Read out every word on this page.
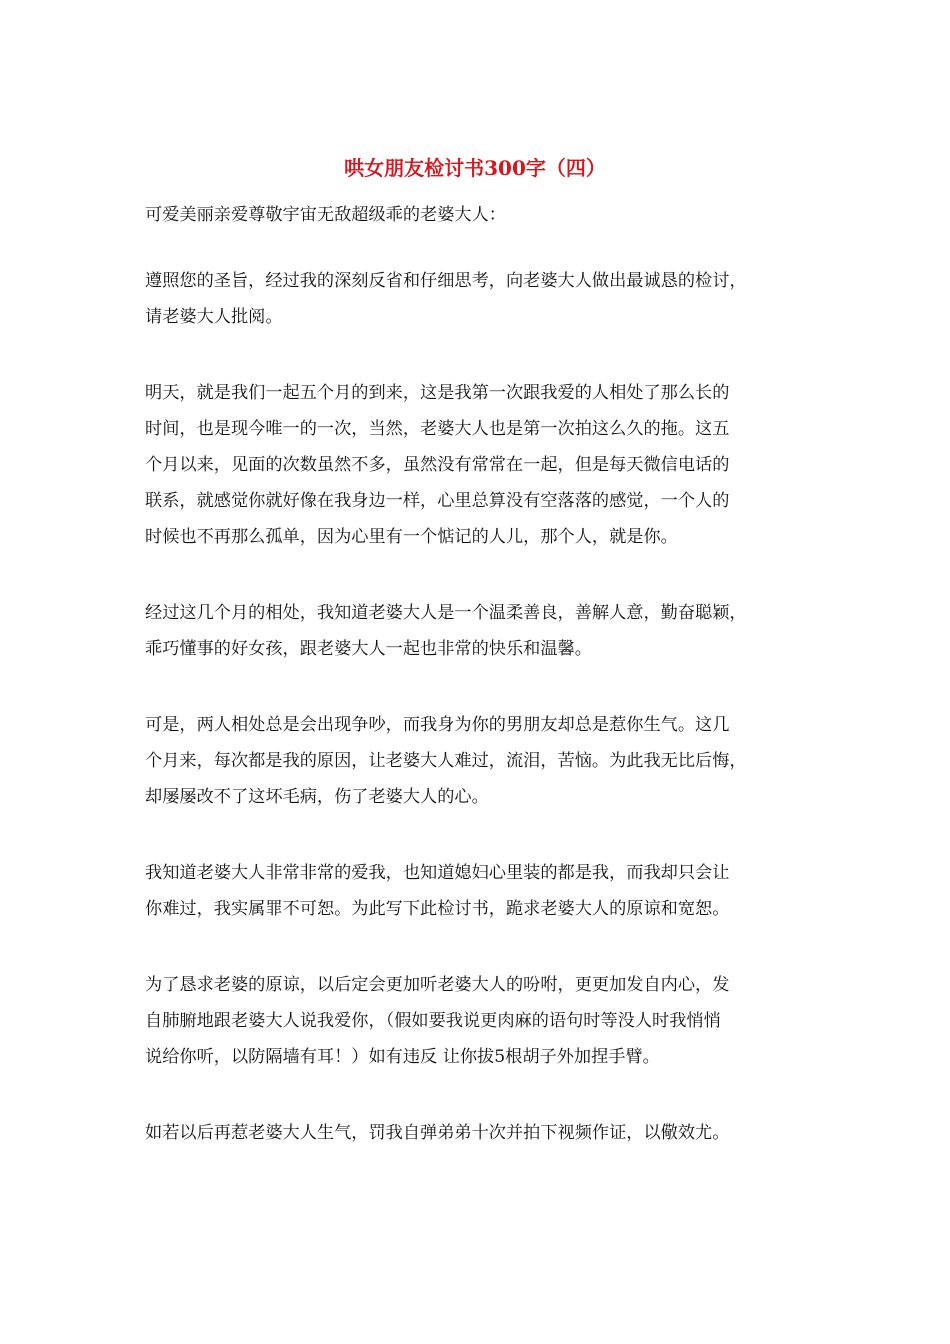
哄女朋友检讨书300字（四）
可爱美丽亲爱尊敬宇宙无敌超级乖的老婆大人：
遵照您的圣旨，经过我的深刻反省和仔细思考，向老婆大人做出最诚恳的检讨，
请老婆大人批阅。
明天，就是我们一起五个月的到来，这是我第一次跟我爱的人相处了那么长的
时间，也是现今唯一的一次，当然，老婆大人也是第一次拍这么久的拖。这五
个月以来，见面的次数虽然不多，虽然没有常常在一起，但是每天微信电话的
联系，就感觉你就好像在我身边一样，心里总算没有空落落的感觉，一个人的
时候也不再那么孤单，因为心里有一个惦记的人儿，那个人，就是你。
经过这几个月的相处，我知道老婆大人是一个温柔善良，善解人意，勤奋聪颖，
乖巧懂事的好女孩，跟老婆大人一起也非常的快乐和温馨。
可是，两人相处总是会出现争吵，而我身为你的男朋友却总是惹你生气。这几
个月来，每次都是我的原因，让老婆大人难过，流泪，苦恼。为此我无比后悔，
却屡屡改不了这坏毛病，伤了老婆大人的心。
我知道老婆大人非常非常的爱我，也知道媳妇心里装的都是我，而我却只会让
你难过，我实属罪不可恕。为此写下此检讨书，跪求老婆大人的原谅和宽恕。
为了恳求老婆的原谅，以后定会更加听老婆大人的吩咐，更更加发自内心，发
自肺腑地跟老婆大人说我爱你，（假如要我说更肉麻的语句时等没人时我悄悄
说给你听，以防隔墙有耳！）如有违反 让你拔5根胡子外加捏手臂。
如若以后再惹老婆大人生气，罚我自弹弟弟十次并拍下视频作证，以儆效尤。
